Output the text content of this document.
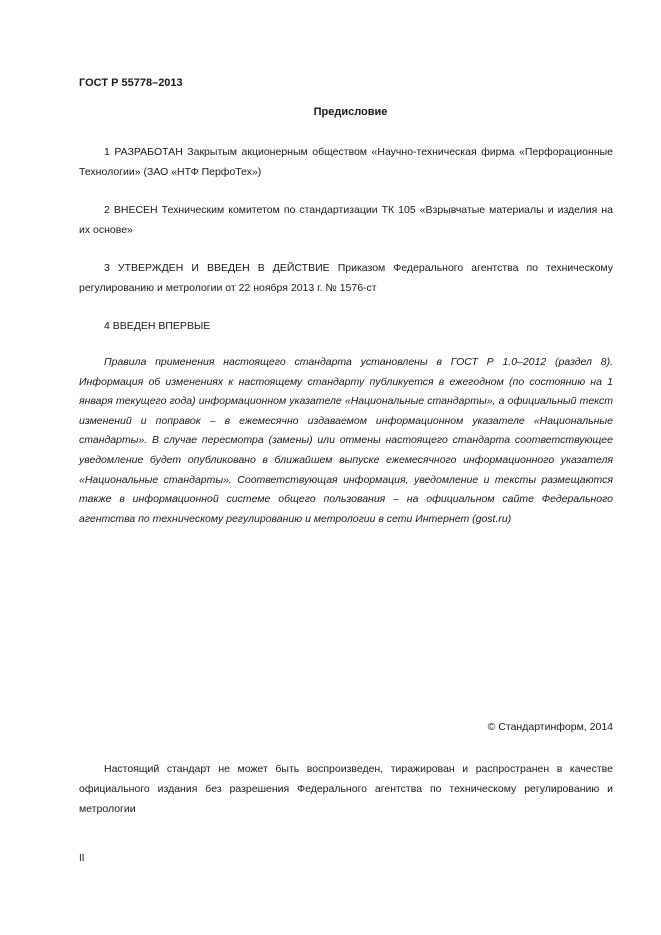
ГОСТ Р 55778–2013
Предисловие
1 РАЗРАБОТАН Закрытым акционерным обществом «Научно-техническая фирма «Перфорационные Технологии» (ЗАО «НТФ ПерфоТех»)
2 ВНЕСЕН Техническим комитетом по стандартизации ТК 105 «Взрывчатые материалы и изделия на их основе»
3 УТВЕРЖДЕН И ВВЕДЕН В ДЕЙСТВИЕ Приказом Федерального агентства по техническому регулированию и метрологии от 22 ноября 2013 г. № 1576-ст
4 ВВЕДЕН ВПЕРВЫЕ
Правила применения настоящего стандарта установлены в ГОСТ Р 1.0–2012 (раздел 8). Информация об изменениях к настоящему стандарту публикуется в ежегодном (по состоянию на 1 января текущего года) информационном указателе «Национальные стандарты», а официальный текст изменений и поправок – в ежемесячно издаваемом информационном указателе «Национальные стандарты». В случае пересмотра (замены) или отмены настоящего стандарта соответствующее уведомление будет опубликовано в ближайшем выпуске ежемесячного информационного указателя «Национальные стандарты». Соответствующая информация, уведомление и тексты размещаются также в информационной системе общего пользования – на официальном сайте Федерального агентства по техническому регулированию и метрологии в сети Интернет (gost.ru)
© Стандартинформ, 2014
Настоящий стандарт не может быть воспроизведен, тиражирован и распространен в качестве официального издания без разрешения Федерального агентства по техническому регулированию и метрологии
II
